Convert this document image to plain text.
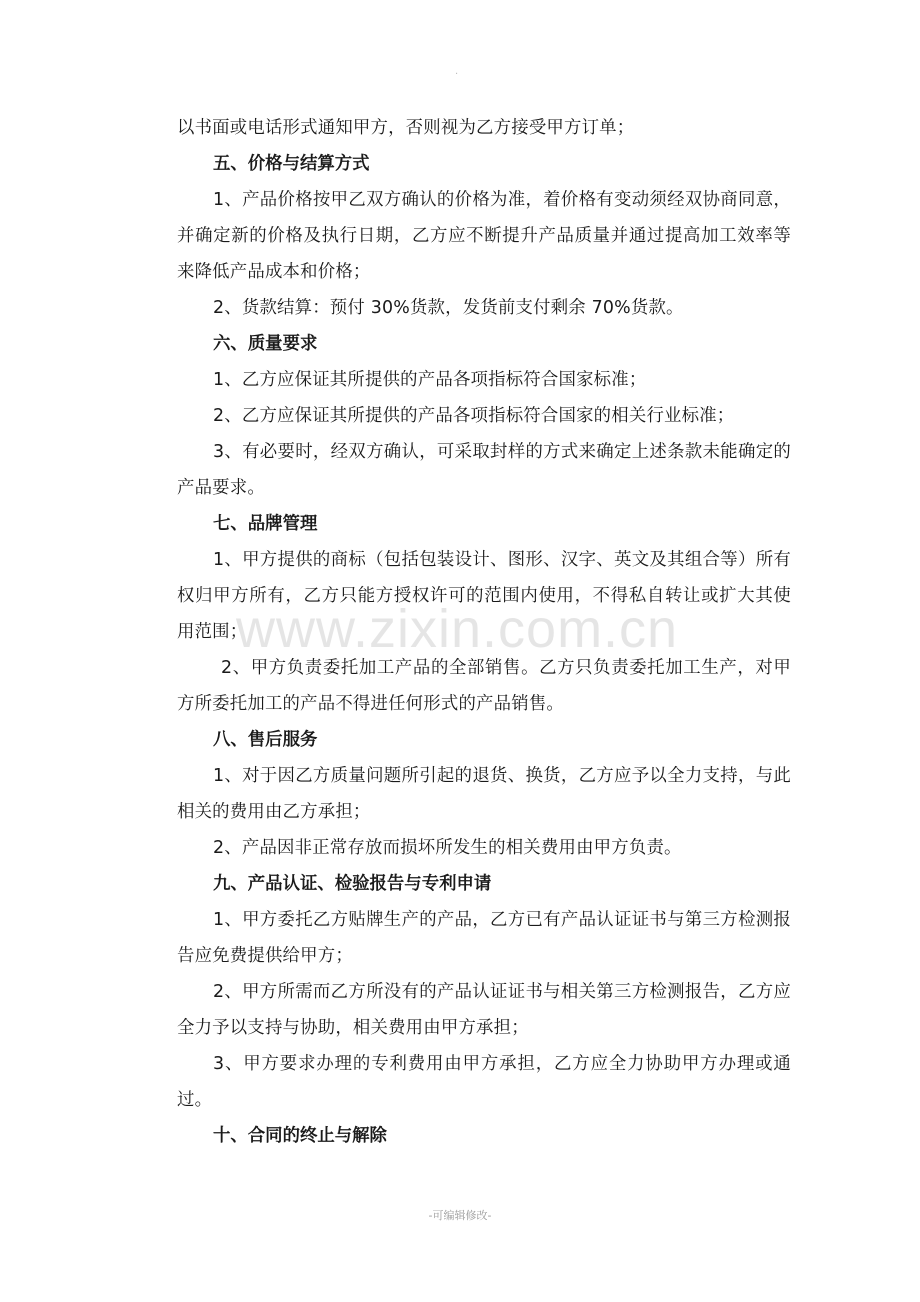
.

以书面或电话形式通知甲方，否则视为乙方接受甲方订单；

五、价格与结算方式

1、产品价格按甲乙双方确认的价格为准，着价格有变动须经双协商同意，并确定新的价格及执行日期，乙方应不断提升产品质量并通过提高加工效率等来降低产品成本和价格；

2、货款结算：预付 30%货款，发货前支付剩余 70%货款。

六、质量要求

1、乙方应保证其所提供的产品各项指标符合国家标准；

2、乙方应保证其所提供的产品各项指标符合国家的相关行业标准；

3、有必要时，经双方确认，可采取封样的方式来确定上述条款未能确定的产品要求。

七、品牌管理

1、甲方提供的商标（包括包装设计、图形、汉字、英文及其组合等）所有权归甲方所有，乙方只能方授权许可的范围内使用，不得私自转让或扩大其使用范围；

2、甲方负责委托加工产品的全部销售。乙方只负责委托加工生产，对甲方所委托加工的产品不得进任何形式的产品销售。

八、售后服务

1、对于因乙方质量问题所引起的退货、换货，乙方应予以全力支持，与此相关的费用由乙方承担；

2、产品因非正常存放而损坏所发生的相关费用由甲方负责。

九、产品认证、检验报告与专利申请

1、甲方委托乙方贴牌生产的产品，乙方已有产品认证证书与第三方检测报告应免费提供给甲方；

2、甲方所需而乙方所没有的产品认证证书与相关第三方检测报告，乙方应全力予以支持与协助，相关费用由甲方承担；

3、甲方要求办理的专利费用由甲方承担，乙方应全力协助甲方办理或通过。

十、合同的终止与解除

www.zixin.com.cn
-可编辑修改-
